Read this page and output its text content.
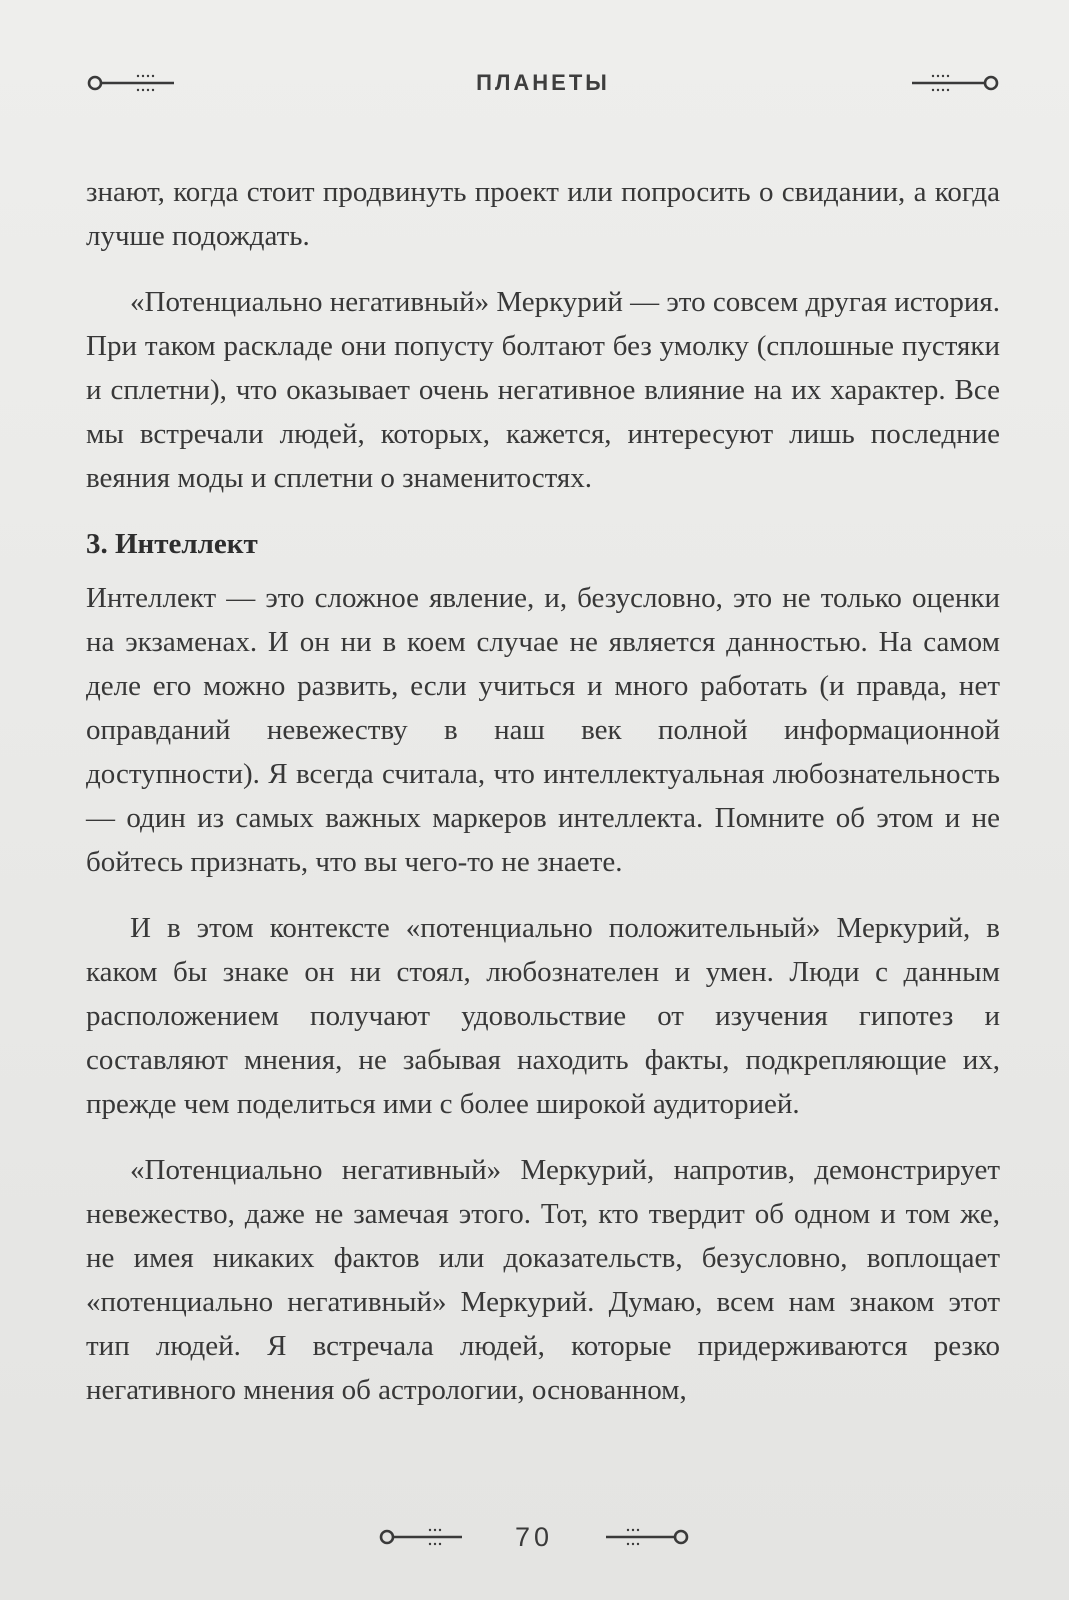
ПЛАНЕТЫ

знают, когда стоит продвинуть проект или попросить о свидании, а когда лучше подождать.

«Потенциально негативный» Меркурий — это совсем другая история. При таком раскладе они попусту болтают без умолку (сплошные пустяки и сплетни), что оказывает очень негативное влияние на их характер. Все мы встречали людей, которых, кажется, интересуют лишь последние веяния моды и сплетни о знаменитостях.

3. Интеллект

Интеллект — это сложное явление, и, безусловно, это не только оценки на экзаменах. И он ни в коем случае не является данностью. На самом деле его можно развить, если учиться и много работать (и правда, нет оправданий невежеству в наш век полной информационной доступности). Я всегда считала, что интеллектуальная любознательность — один из самых важных маркеров интеллекта. Помните об этом и не бойтесь признать, что вы чего-то не знаете.

И в этом контексте «потенциально положительный» Меркурий, в каком бы знаке он ни стоял, любознателен и умен. Люди с данным расположением получают удовольствие от изучения гипотез и составляют мнения, не забывая находить факты, подкрепляющие их, прежде чем поделиться ими с более широкой аудиторией.

«Потенциально негативный» Меркурий, напротив, демонстрирует невежество, даже не замечая этого. Тот, кто твердит об одном и том же, не имея никаких фактов или доказательств, безусловно, воплощает «потенциально негативный» Меркурий. Думаю, всем нам знаком этот тип людей. Я встречала людей, которые придерживаются резко негативного мнения об астрологии, основанном,

70
